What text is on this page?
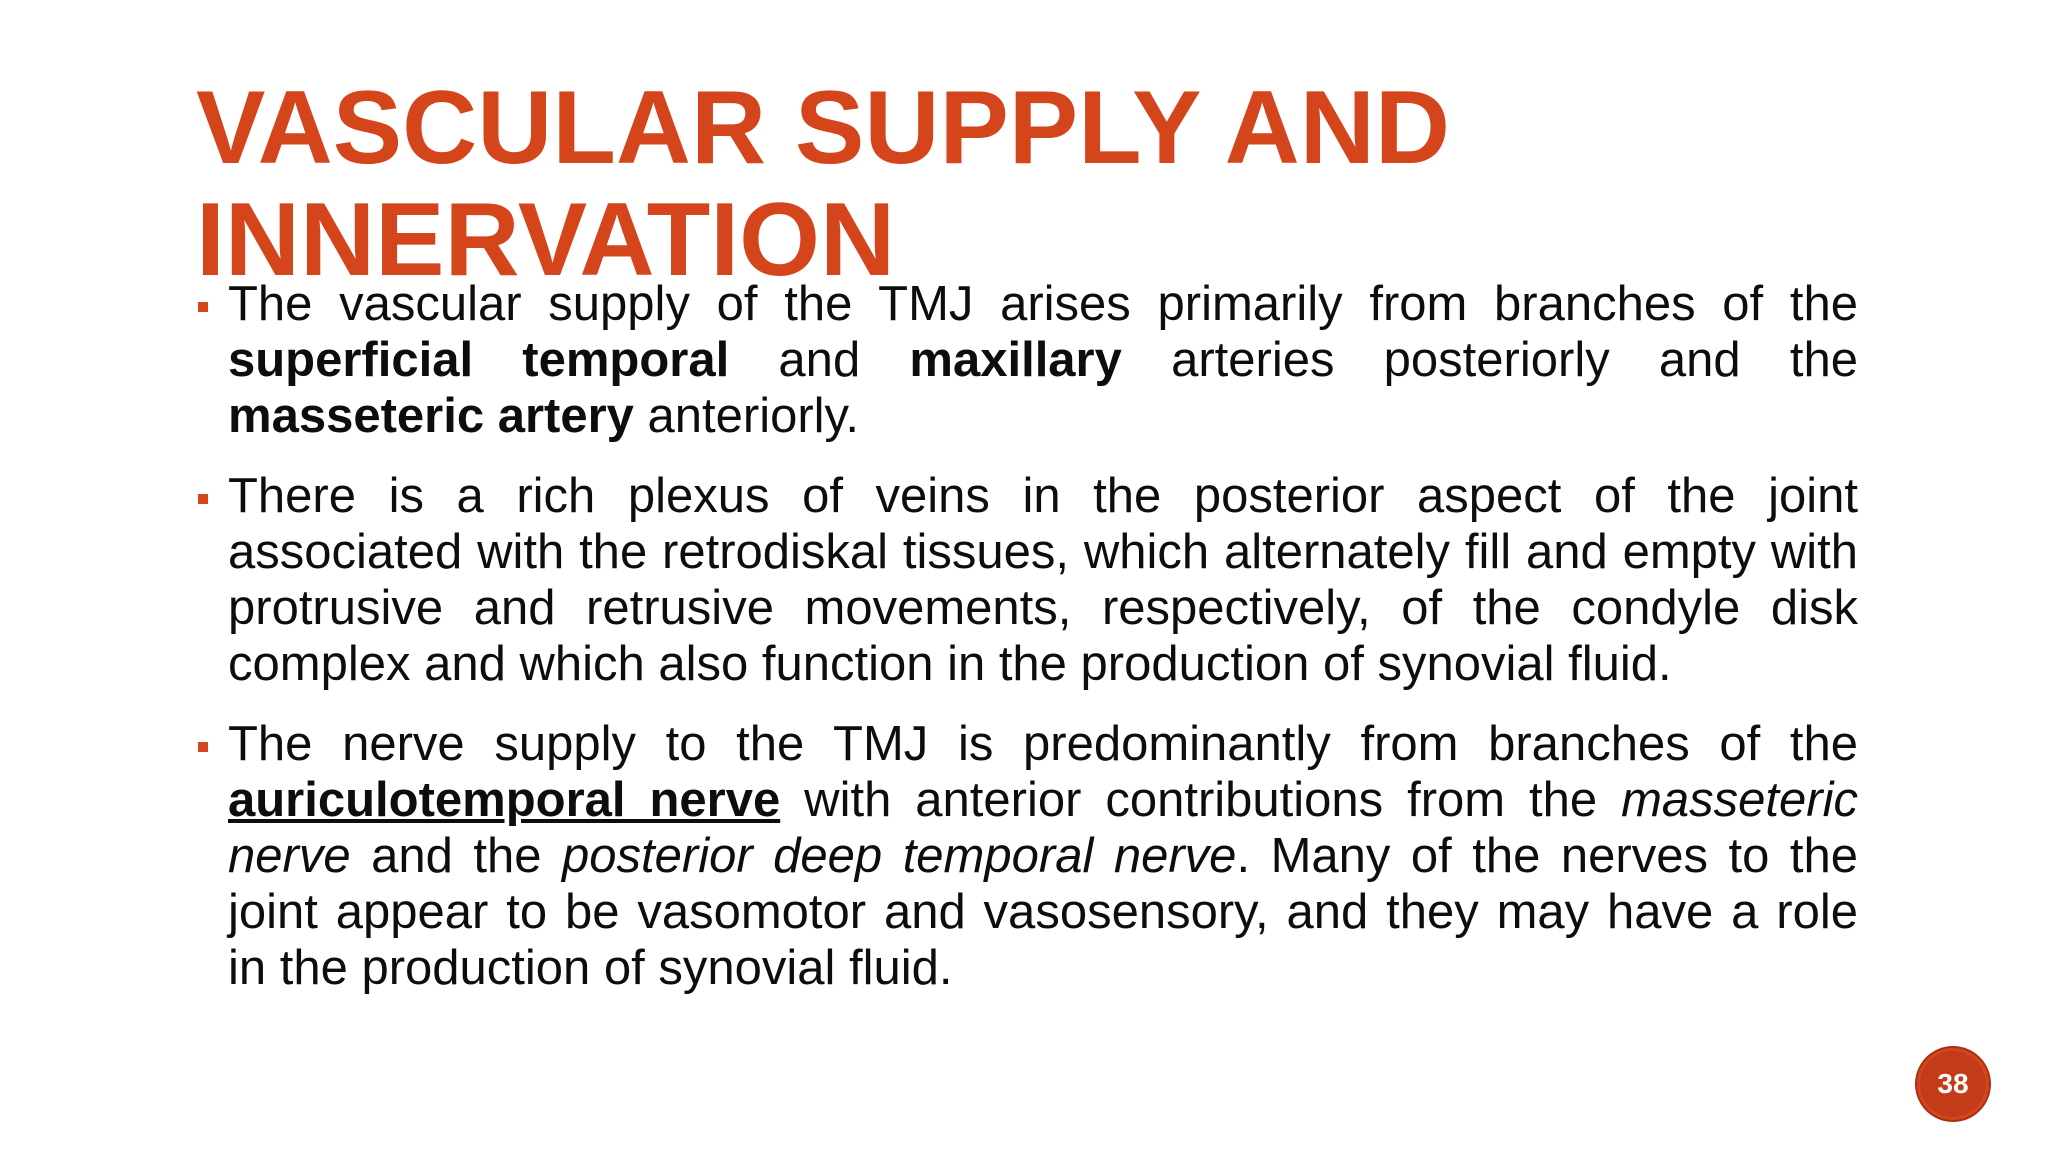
VASCULAR SUPPLY AND
INNERVATION
The vascular supply of the TMJ arises primarily from branches of the superficial temporal and maxillary arteries posteriorly and the masseteric artery anteriorly.
There is a rich plexus of veins in the posterior aspect of the joint associated with the retrodiskal tissues, which alternately fill and empty with protrusive and retrusive movements, respectively, of the condyle disk complex and which also function in the production of synovial fluid.
The nerve supply to the TMJ is predominantly from branches of the auriculotemporal nerve with anterior contributions from the masseteric nerve and the posterior deep temporal nerve. Many of the nerves to the joint appear to be vasomotor and vasosensory, and they may have a role in the production of synovial fluid.
38
